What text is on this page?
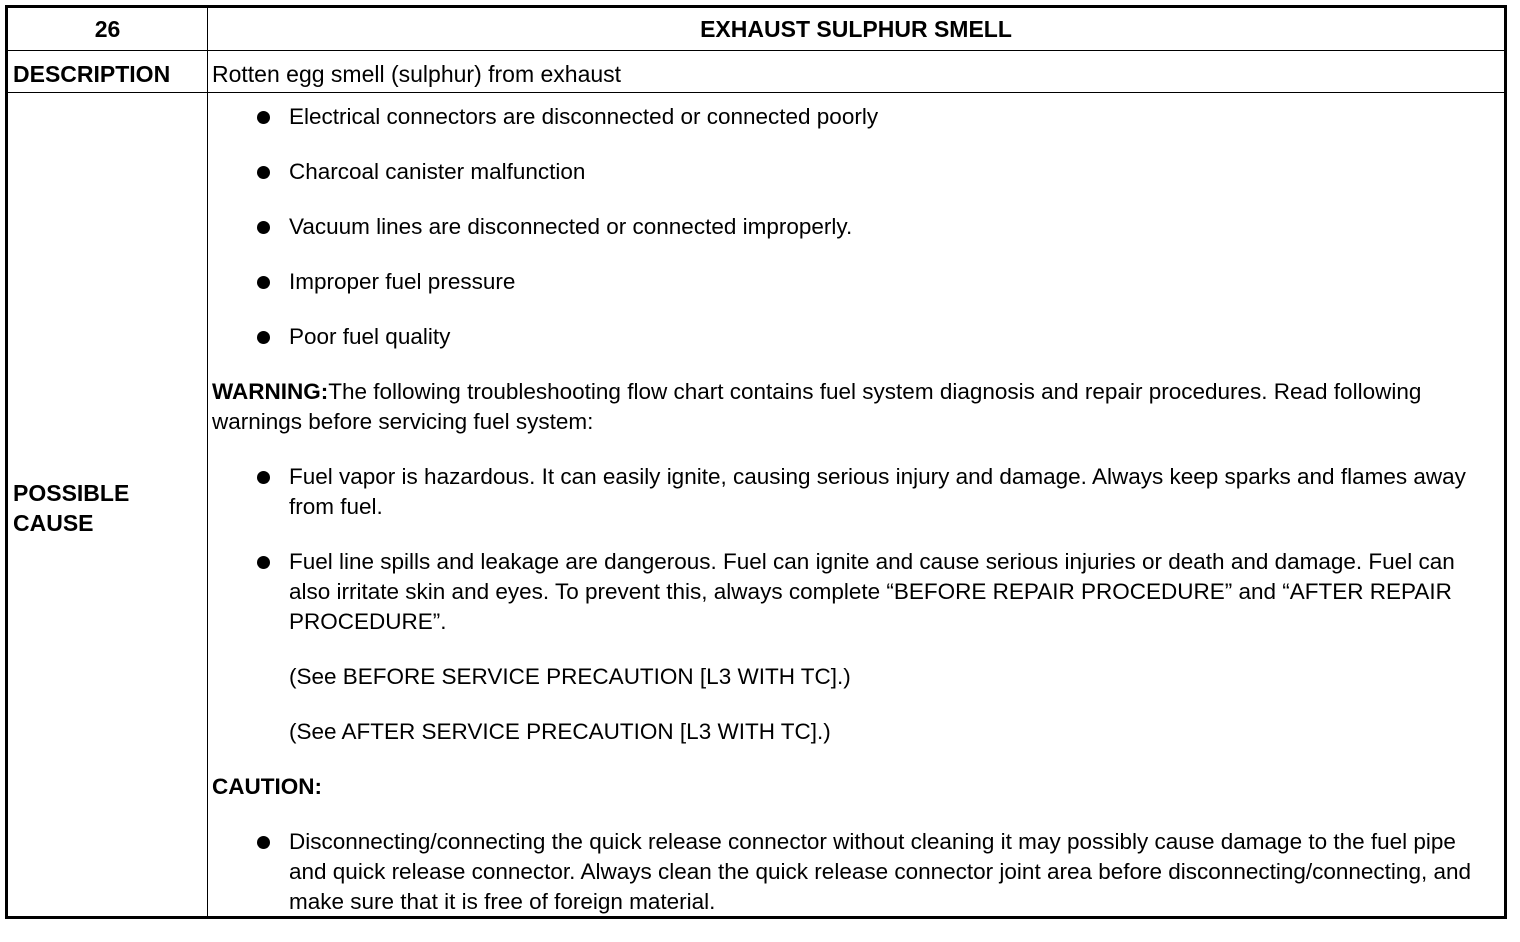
26	EXHAUST SULPHUR SMELL
DESCRIPTION Rotten egg smell (sulphur) from exhaust
POSSIBLE
CAUSE
Electrical connectors are disconnected or connected poorly
Charcoal canister malfunction
Vacuum lines are disconnected or connected improperly.
Improper fuel pressure
Poor fuel quality
WARNING:The following troubleshooting flow chart contains fuel system diagnosis and repair procedures. Read following warnings before servicing fuel system:
Fuel vapor is hazardous. It can easily ignite, causing serious injury and damage. Always keep sparks and flames away from fuel.
Fuel line spills and leakage are dangerous. Fuel can ignite and cause serious injuries or death and damage. Fuel can also irritate skin and eyes. To prevent this, always complete “BEFORE REPAIR PROCEDURE” and “AFTER REPAIR PROCEDURE”.
(See BEFORE SERVICE PRECAUTION [L3 WITH TC].)
(See AFTER SERVICE PRECAUTION [L3 WITH TC].)
CAUTION:
Disconnecting/connecting the quick release connector without cleaning it may possibly cause damage to the fuel pipe and quick release connector. Always clean the quick release connector joint area before disconnecting/connecting, and make sure that it is free of foreign material.
